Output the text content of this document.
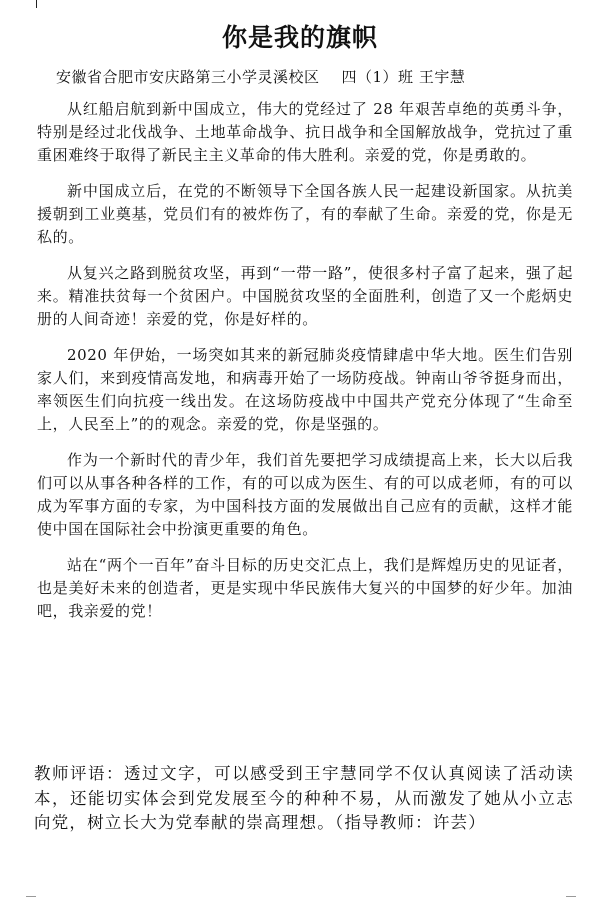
你是我的旗帜
安徽省合肥市安庆路第三小学灵溪校区 四（1）班 王宇慧

从红船启航到新中国成立，伟大的党经过了 28 年艰苦卓绝的英勇斗争，特别是经过北伐战争、土地革命战争、抗日战争和全国解放战争，党抗过了重重困难终于取得了新民主主义革命的伟大胜利。亲爱的党，你是勇敢的。

新中国成立后，在党的不断领导下全国各族人民一起建设新国家。从抗美援朝到工业奠基，党员们有的被炸伤了，有的奉献了生命。亲爱的党，你是无私的。

从复兴之路到脱贫攻坚，再到“一带一路”，使很多村子富了起来，强了起来。精准扶贫每一个贫困户。中国脱贫攻坚的全面胜利，创造了又一个彪炳史册的人间奇迹！亲爱的党，你是好样的。

2020 年伊始，一场突如其来的新冠肺炎疫情肆虐中华大地。医生们告别家人们，来到疫情高发地，和病毒开始了一场防疫战。钟南山爷爷挺身而出，率领医生们向抗疫一线出发。在这场防疫战中中国共产党充分体现了“生命至上，人民至上”的的观念。亲爱的党，你是坚强的。

作为一个新时代的青少年，我们首先要把学习成绩提高上来，长大以后我们可以从事各种各样的工作，有的可以成为医生、有的可以成老师，有的可以成为军事方面的专家，为中国科技方面的发展做出自己应有的贡献，这样才能使中国在国际社会中扮演更重要的角色。

站在“两个一百年”奋斗目标的历史交汇点上，我们是辉煌历史的见证者，也是美好未来的创造者，更是实现中华民族伟大复兴的中国梦的好少年。加油吧，我亲爱的党！

教师评语：透过文字，可以感受到王宇慧同学不仅认真阅读了活动读本，还能切实体会到党发展至今的种种不易，从而激发了她从小立志向党，树立长大为党奉献的崇高理想。（指导教师：许芸）
